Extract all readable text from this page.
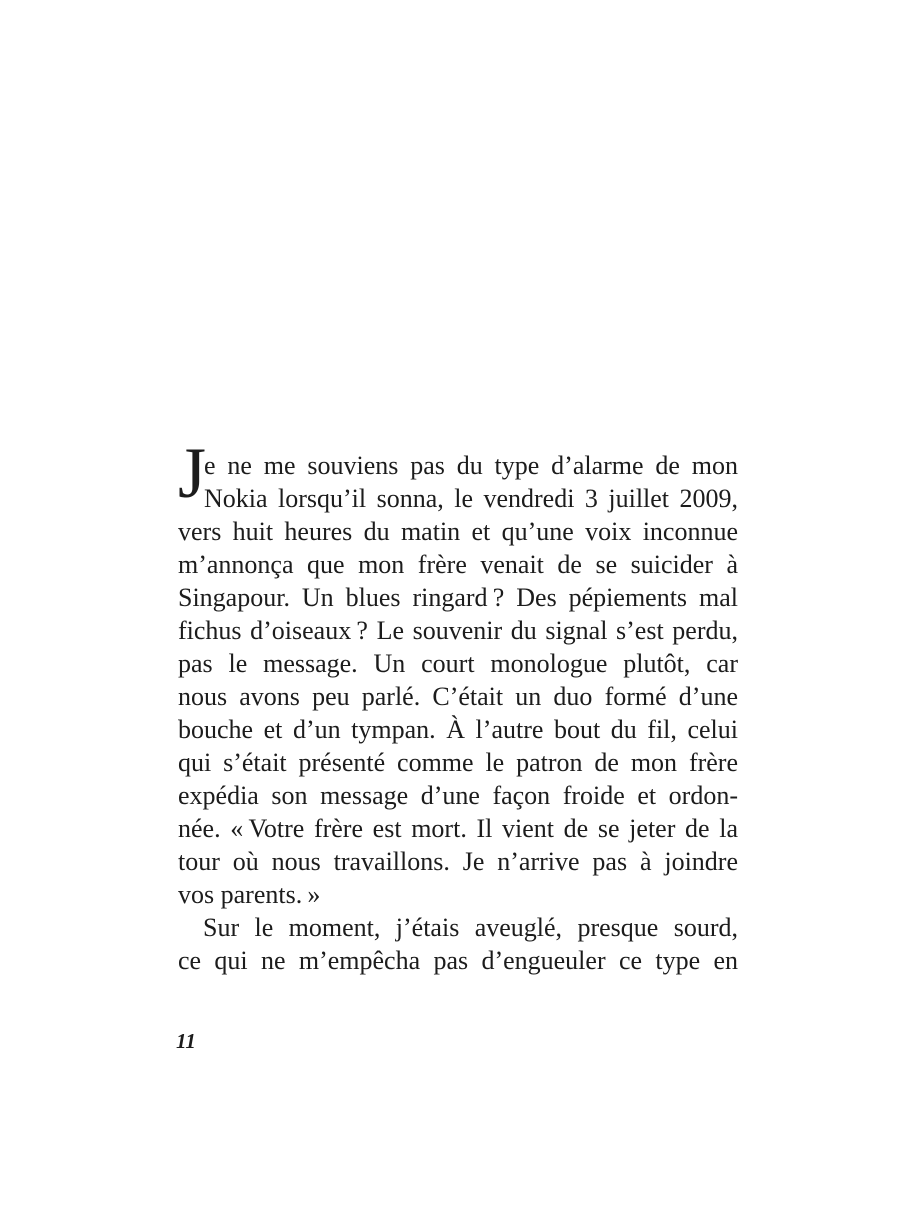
J
e ne me souviens pas du type d’alarme de mon
Nokia lorsqu’il sonna, le vendredi 3 juillet 2009,
vers huit heures du matin et qu’une voix inconnue
m’annonça que mon frère venait de se suicider à
Singapour. Un blues ringard ? Des pépiements mal
fichus d’oiseaux ? Le souvenir du signal s’est perdu,
pas le message. Un court monologue plutôt, car
nous avons peu parlé. C’était un duo formé d’une
bouche et d’un tympan. À l’autre bout du fil, celui
qui s’était présenté comme le patron de mon frère
expédia son message d’une façon froide et ordon-
née. « Votre frère est mort. Il vient de se jeter de la
tour où nous travaillons. Je n’arrive pas à joindre
vos parents. »
Sur le moment, j’étais aveuglé, presque sourd,
ce qui ne m’empêcha pas d’engueuler ce type en
11
